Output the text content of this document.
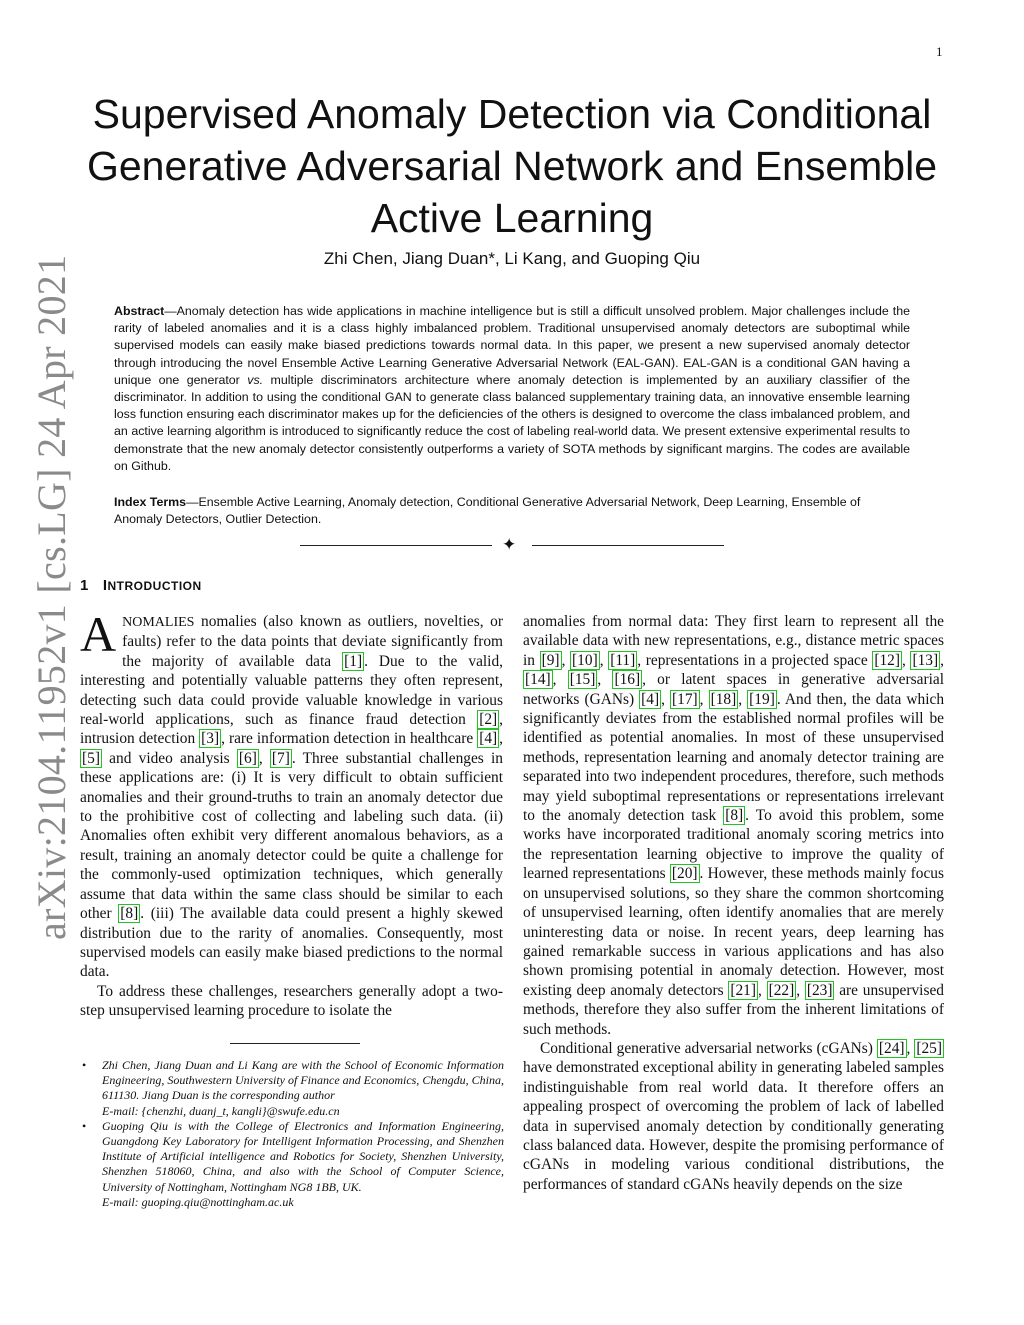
1
arXiv:2104.11952v1 [cs.LG] 24 Apr 2021
Supervised Anomaly Detection via Conditional
Generative Adversarial Network and Ensemble
Active Learning
Zhi Chen, Jiang Duan*, Li Kang, and Guoping Qiu
Abstract—Anomaly detection has wide applications in machine intelligence but is still a difficult unsolved problem. Major challenges include the rarity of labeled anomalies and it is a class highly imbalanced problem. Traditional unsupervised anomaly detectors are suboptimal while supervised models can easily make biased predictions towards normal data. In this paper, we present a new supervised anomaly detector through introducing the novel Ensemble Active Learning Generative Adversarial Network (EAL-GAN). EAL-GAN is a conditional GAN having a unique one generator vs. multiple discriminators architecture where anomaly detection is implemented by an auxiliary classifier of the discriminator. In addition to using the conditional GAN to generate class balanced supplementary training data, an innovative ensemble learning loss function ensuring each discriminator makes up for the deficiencies of the others is designed to overcome the class imbalanced problem, and an active learning algorithm is introduced to significantly reduce the cost of labeling real-world data. We present extensive experimental results to demonstrate that the new anomaly detector consistently outperforms a variety of SOTA methods by significant margins. The codes are available on Github.
Index Terms—Ensemble Active Learning, Anomaly detection, Conditional Generative Adversarial Network, Deep Learning, Ensemble of Anomaly Detectors, Outlier Detection.
✦
1 INTRODUCTION

ANOMALIES nomalies (also known as outliers, novelties, or faults) refer to the data points that deviate significantly from the majority of available data [1] . Due to the valid, interesting and potentially valuable patterns they often represent, detecting such data could provide valuable knowledge in various real-world applications, such as finance fraud detection [2] , intrusion detection [3] , rare information detection in healthcare [4] , [5] and video analysis [6] , [7] . Three substantial challenges in these applications are: (i) It is very difficult to obtain sufficient anomalies and their ground-truths to train an anomaly detector due to the prohibitive cost of collecting and labeling such data. (ii) Anomalies often exhibit very different anomalous behaviors, as a result, training an anomaly detector could be quite a challenge for the commonly-used optimization techniques, which generally assume that data within the same class should be similar to each other [8] . (iii) The available data could present a highly skewed distribution due to the rarity of anomalies. Consequently, most supervised models can easily make biased predictions to the normal data.

To address these challenges, researchers generally adopt a two-step unsupervised learning procedure to isolate the

• Zhi Chen, Jiang Duan and Li Kang are with the School of Economic Information Engineering, Southwestern University of Finance and Economics, Chengdu, China, 611130. Jiang Duan is the corresponding author
E-mail: {chenzhi, duanj_t, kangli}@swufe.edu.cn

• Guoping Qiu is with the College of Electronics and Information Engineering, Guangdong Key Laboratory for Intelligent Information Processing, and Shenzhen Institute of Artificial intelligence and Robotics for Society, Shenzhen University, Shenzhen 518060, China, and also with the School of Computer Science, University of Nottingham, Nottingham NG8 1BB, UK.
E-mail: guoping.qiu@nottingham.ac.uk

anomalies from normal data: They first learn to represent all the available data with new representations, e.g., distance metric spaces in [9] , [10] , [11] , representations in a projected space [12] , [13] , [14] , [15] , [16] , or latent spaces in generative adversarial networks (GANs) [4] , [17] , [18] , [19] . And then, the data which significantly deviates from the established normal profiles will be identified as potential anomalies. In most of these unsupervised methods, representation learning and anomaly detector training are separated into two independent procedures, therefore, such methods may yield suboptimal representations or representations irrelevant to the anomaly detection task [8] . To avoid this problem, some works have incorporated traditional anomaly scoring metrics into the representation learning objective to improve the quality of learned representations [20] . However, these methods mainly focus on unsupervised solutions, so they share the common shortcoming of unsupervised learning, often identify anomalies that are merely uninteresting data or noise. In recent years, deep learning has gained remarkable success in various applications and has also shown promising potential in anomaly detection. However, most existing deep anomaly detectors [21] , [22] , [23] are unsupervised methods, therefore they also suffer from the inherent limitations of such methods.

Conditional generative adversarial networks (cGANs) [24] , [25] have demonstrated exceptional ability in generating labeled samples indistinguishable from real world data. It therefore offers an appealing prospect of overcoming the problem of lack of labelled data in supervised anomaly detection by conditionally generating class balanced data. However, despite the promising performance of cGANs in modeling various conditional distributions, the performances of standard cGANs heavily depends on the size
